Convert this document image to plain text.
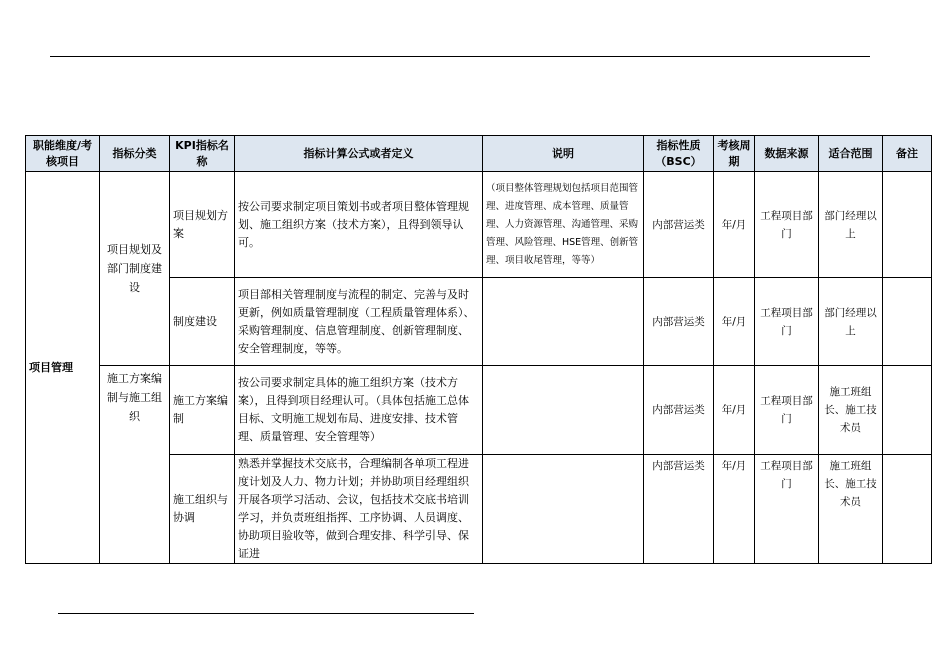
职能维度/考核项目	指标分类	KPI指标名称	指标计算公式或者定义	说明	指标性质（BSC）	考核周期	数据来源	适合范围	备注
项目管理	项目规划及部门制度建设	项目规划方案	按公司要求制定项目策划书或者项目整体管理规划、施工组织方案（技术方案），且得到领导认可。	（项目整体管理规划包括项目范围管理、进度管理、成本管理、质量管理、人力资源管理、沟通管理、采购管理、风险管理、HSE管理、创新管理、项目收尾管理，等等）	内部营运类	年/月	工程项目部门	部门经理以上	
		制度建设	项目部相关管理制度与流程的制定、完善与及时更新，例如质量管理制度（工程质量管理体系）、采购管理制度、信息管理制度、创新管理制度、安全管理制度，等等。		内部营运类	年/月	工程项目部门	部门经理以上	
	施工方案编制与施工组织	施工方案编制	按公司要求制定具体的施工组织方案（技术方案），且得到项目经理认可。（具体包括施工总体目标、文明施工规划布局、进度安排、技术管理、质量管理、安全管理等）		内部营运类	年/月	工程项目部门	施工班组长、施工技术员	
		施工组织与协调	熟悉并掌握技术交底书，合理编制各单项工程进度计划及人力、物力计划；并协助项目经理组织开展各项学习活动、会议，包括技术交底书培训学习，并负责班组指挥、工序协调、人员调度、协助项目验收等，做到合理安排、科学引导、保证进		内部营运类	年/月	工程项目部门	施工班组长、施工技术员	
